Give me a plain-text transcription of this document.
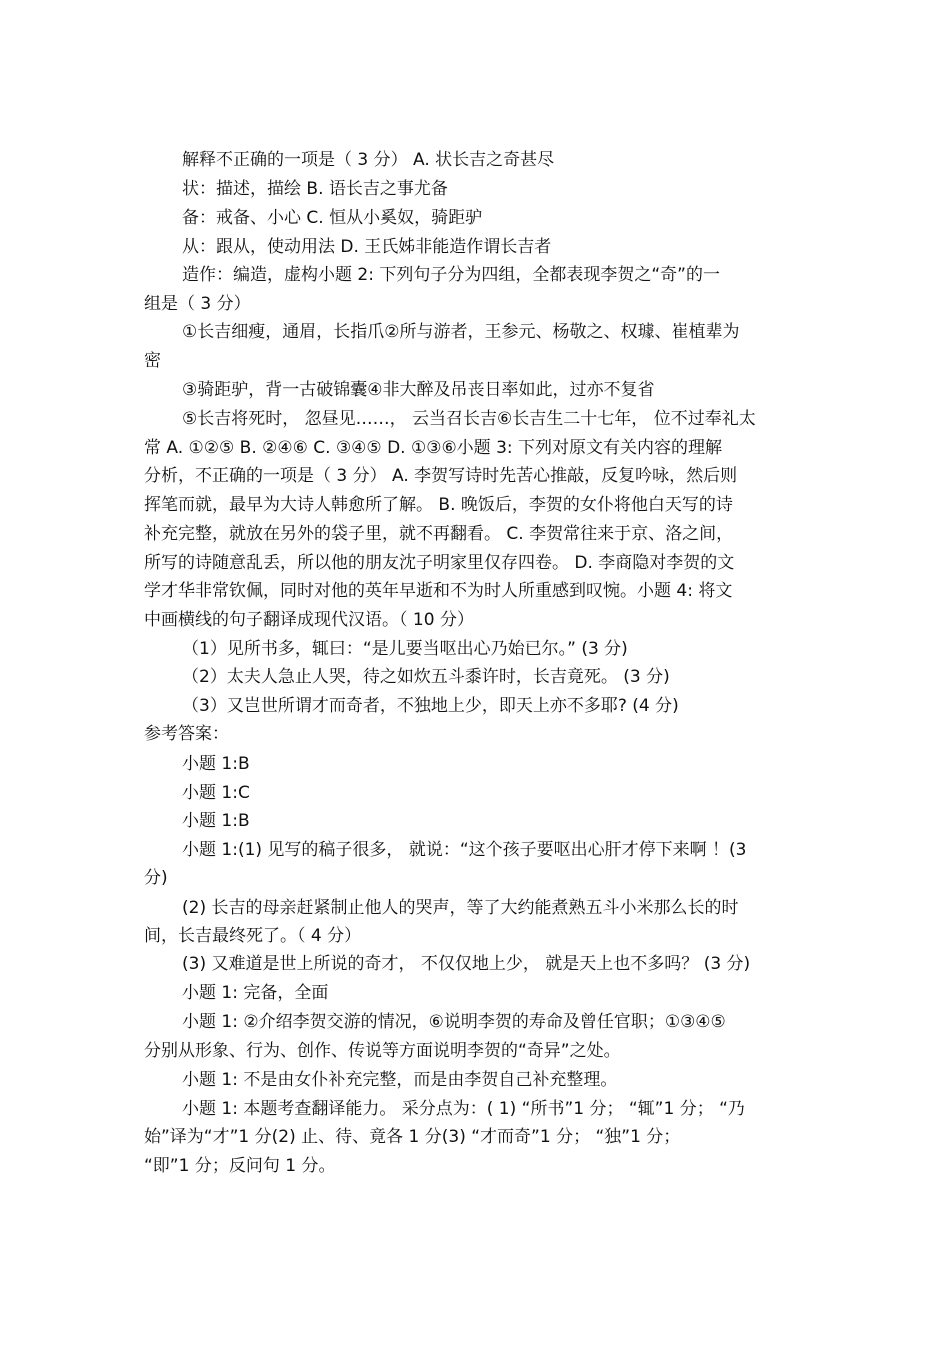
解释不正确的一项是（ 3 分） A. 状长吉之奇甚尽
状：描述，描绘 B. 语长吉之事尤备
备：戒备、小心 C. 恒从小奚奴，骑距驴
从：跟从，使动用法 D. 王氏姊非能造作谓长吉者
造作：编造，虚构小题 2: 下列句子分为四组，全都表现李贺之“奇”的一
组是（ 3 分）
①长吉细瘦，通眉，长指爪②所与游者，王参元、杨敬之、权璩、崔植辈为
密
③骑距驴，背一古破锦囊④非大醉及吊丧日率如此，过亦不复省
⑤长吉将死时， 忽昼见……， 云当召长吉⑥长吉生二十七年， 位不过奉礼太
常 A. ①②⑤ B. ②④⑥ C. ③④⑤ D. ①③⑥小题 3: 下列对原文有关内容的理解
分析，不正确的一项是（ 3 分） A. 李贺写诗时先苦心推敲，反复吟咏，然后则
挥笔而就，最早为大诗人韩愈所了解。 B. 晚饭后，李贺的女仆将他白天写的诗
补充完整，就放在另外的袋子里，就不再翻看。 C. 李贺常往来于京、洛之间，
所写的诗随意乱丢，所以他的朋友沈子明家里仅存四卷。 D. 李商隐对李贺的文
学才华非常钦佩，同时对他的英年早逝和不为时人所重感到叹惋。小题 4: 将文
中画横线的句子翻译成现代汉语。（ 10 分）
（1）见所书多，辄曰：“是儿要当呕出心乃始已尔。” (3 分)
（2）太夫人急止人哭，待之如炊五斗黍许时，长吉竟死。 (3 分)
（3）又岂世所谓才而奇者，不独地上少，即天上亦不多耶? (4 分)
参考答案：
小题 1:B
小题 1:C
小题 1:B
小题 1:(1) 见写的稿子很多， 就说：“这个孩子要呕出心肝才停下来啊 ！(3
分)
(2) 长吉的母亲赶紧制止他人的哭声，等了大约能煮熟五斗小米那么长的时
间，长吉最终死了。（ 4 分）
(3) 又难道是世上所说的奇才， 不仅仅地上少， 就是天上也不多吗？ (3 分)
小题 1: 完备，全面
小题 1: ②介绍李贺交游的情况，⑥说明李贺的寿命及曾任官职；①③④⑤
分别从形象、行为、创作、传说等方面说明李贺的“奇异”之处。
小题 1: 不是由女仆补充完整，而是由李贺自己补充整理。
小题 1: 本题考查翻译能力。 采分点为：( 1) “所书”1 分； “辄”1 分； “乃
始”译为“才”1 分(2) 止、待、竟各 1 分(3) “才而奇”1 分； “独”1 分；
“即”1 分；反问句 1 分。
